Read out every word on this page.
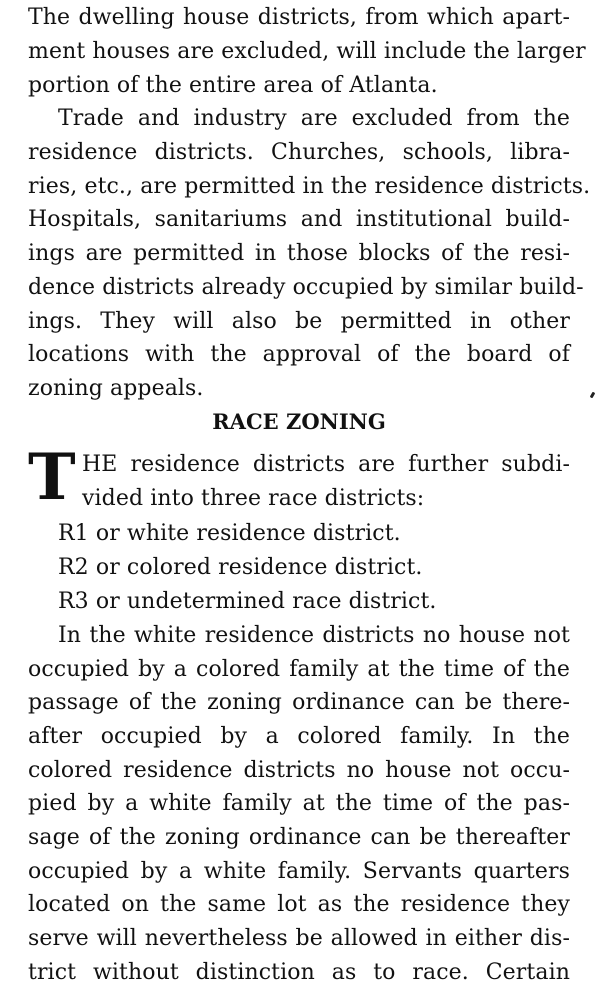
The dwelling house districts, from which apart-
ment houses are excluded, will include the larger
portion of the entire area of Atlanta.
Trade and industry are excluded from the
residence districts. Churches, schools, libra-
ries, etc., are permitted in the residence districts.
Hospitals, sanitariums and institutional build-
ings are permitted in those blocks of the resi-
dence districts already occupied by similar build-
ings. They will also be permitted in other
locations with the approval of the board of
zoning appeals.
RACE ZONING
T HE residence districts are further subdi-
vided into three race districts:
R1 or white residence district.
R2 or colored residence district.
R3 or undetermined race district.
In the white residence districts no house not
occupied by a colored family at the time of the
passage of the zoning ordinance can be there-
after occupied by a colored family. In the
colored residence districts no house not occu-
pied by a white family at the time of the pas-
sage of the zoning ordinance can be thereafter
occupied by a white family. Servants quarters
located on the same lot as the residence they
serve will nevertheless be allowed in either dis-
trict without distinction as to race. Certain
